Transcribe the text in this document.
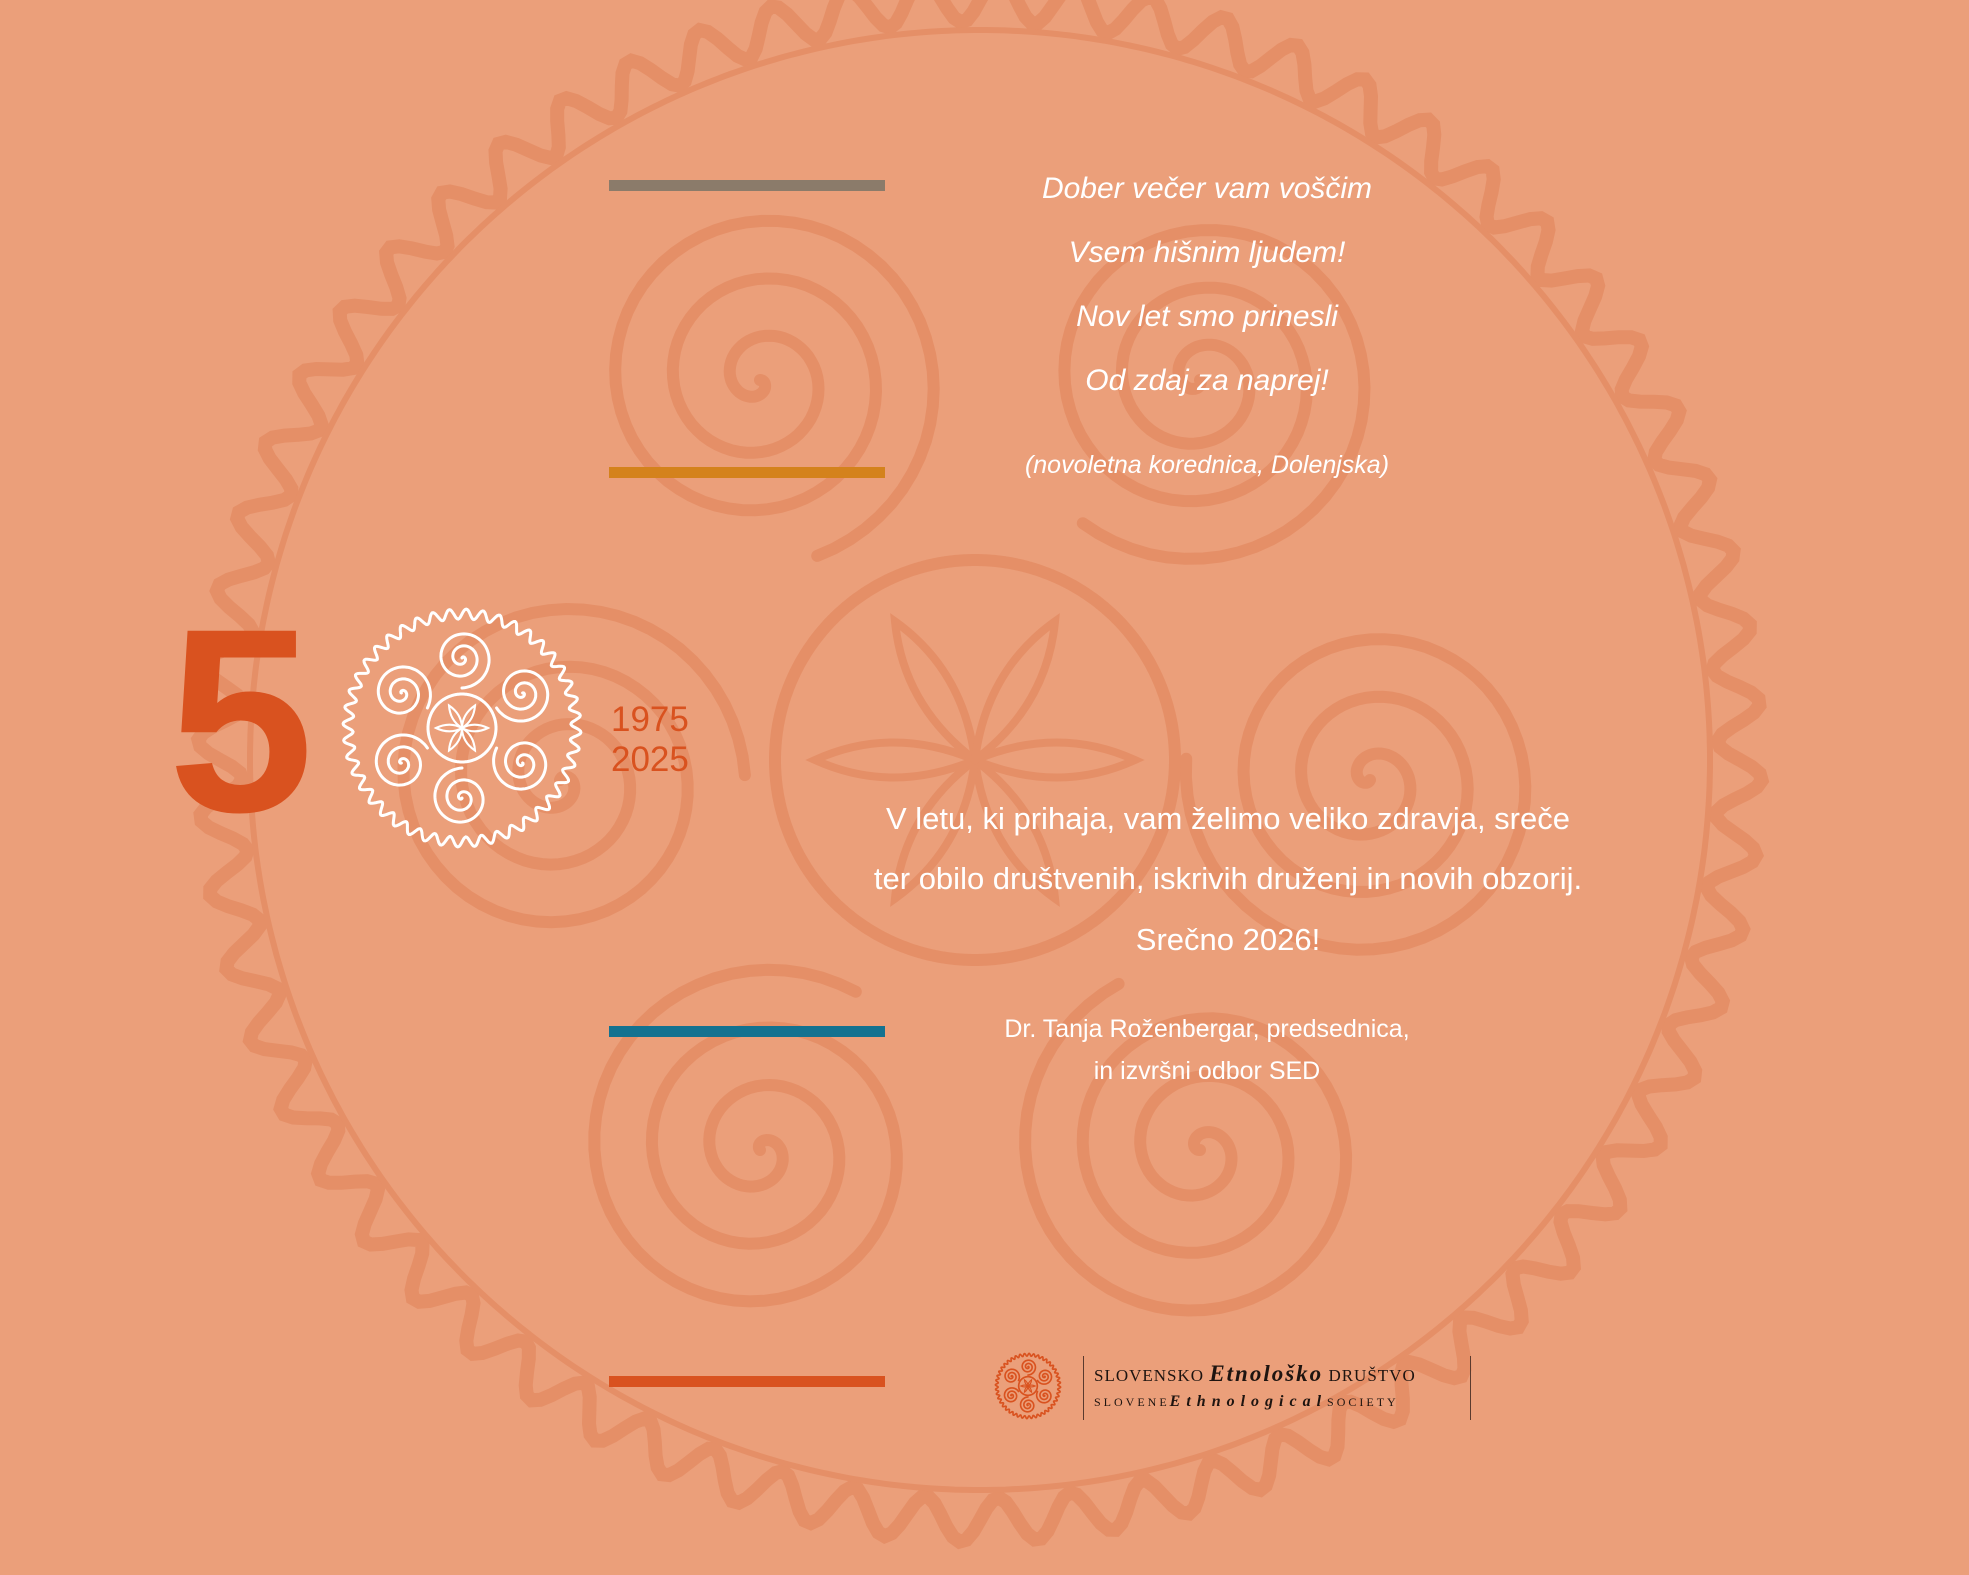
Dober večer vam voščim
Vsem hišnim ljudem!
Nov let smo prinesli
Od zdaj za naprej!
(novoletna korednica, Dolenjska)
5	1975
2025
V letu, ki prihaja, vam želimo veliko zdravja, sreče
ter obilo društvenih, iskrivih druženj in novih obzorij.
Srečno 2026!
Dr. Tanja Roženbergar, predsednica,
in izvršni odbor SED
SLOVENSKO Etnološko DRUŠTVO
SLOVENEEthnologicalSOCIETY
